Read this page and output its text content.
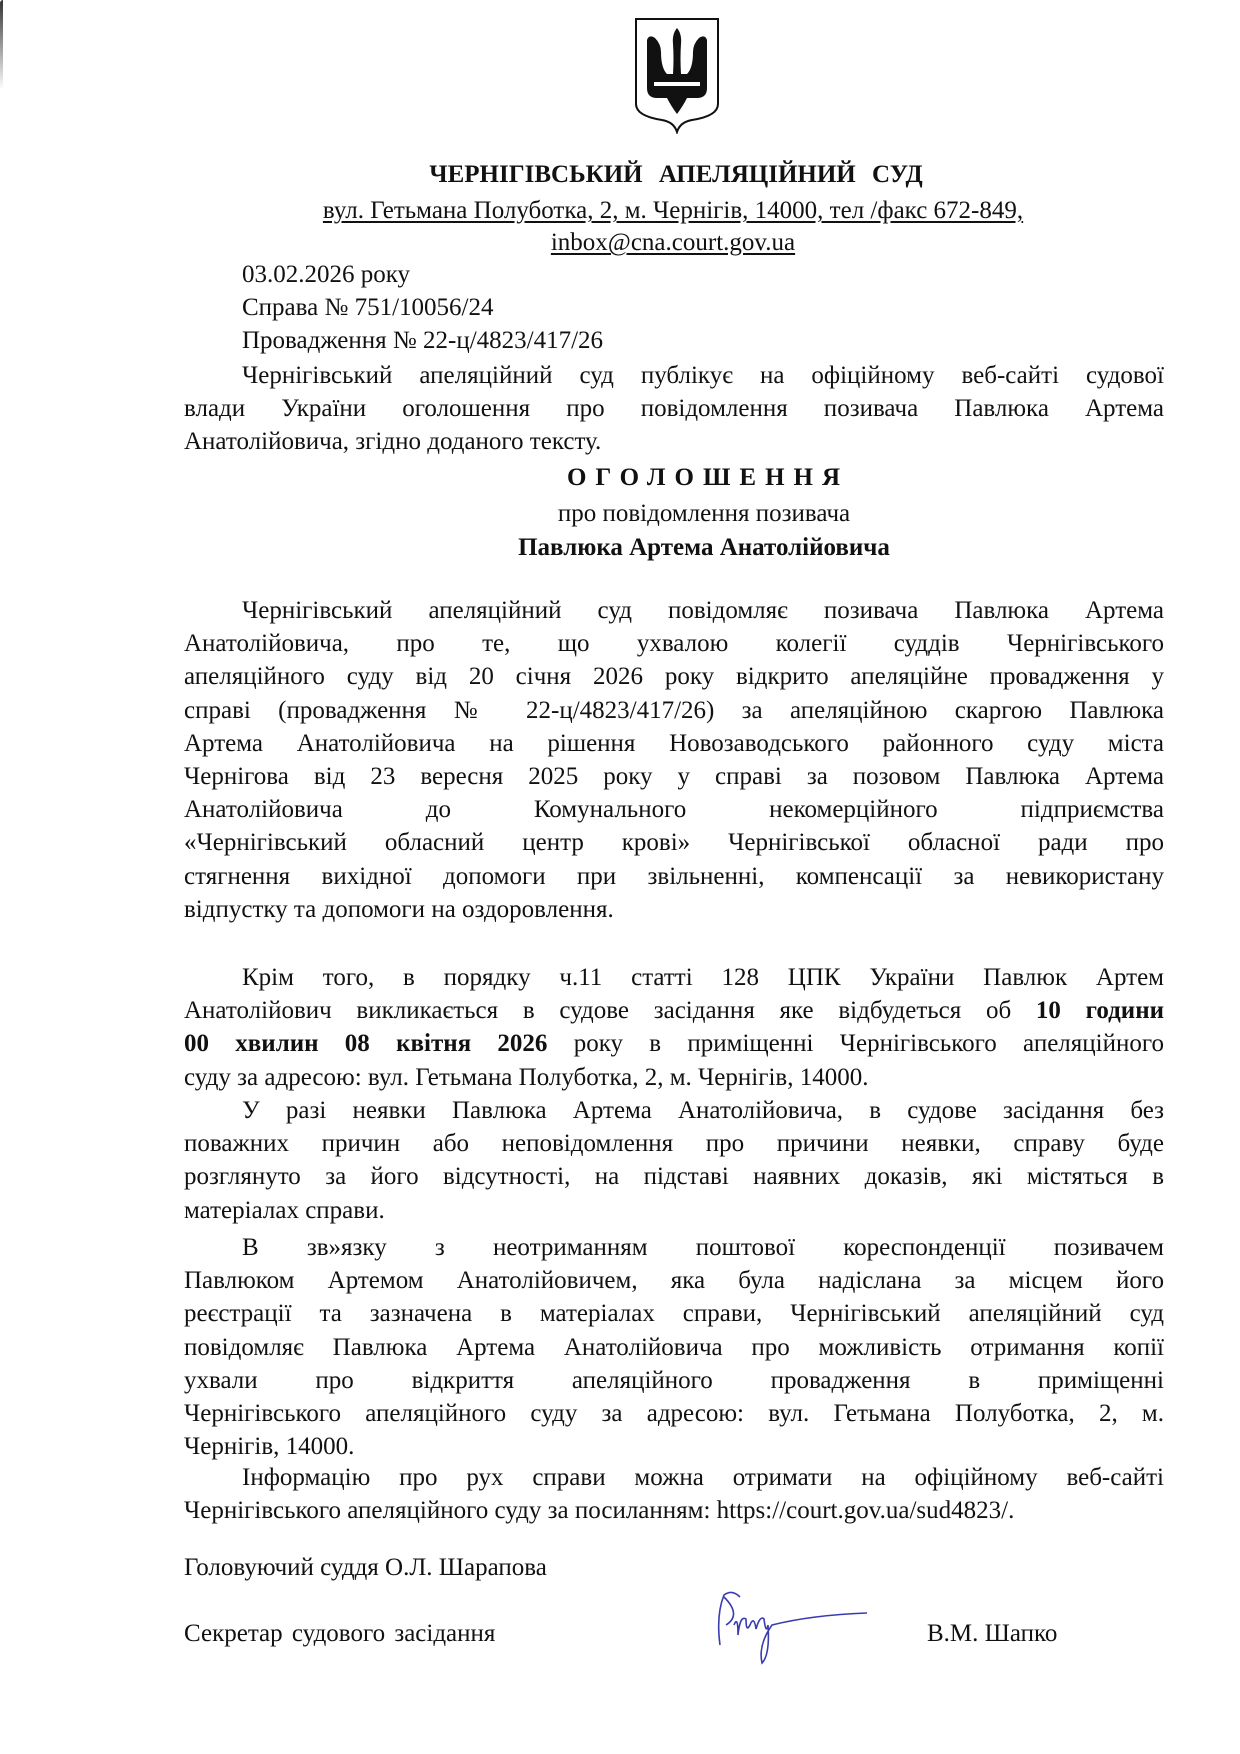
ЧЕРНІГІВСЬКИЙ АПЕЛЯЦІЙНИЙ СУД
вул. Гетьмана Полуботка, 2, м. Чернігів, 14000, тел /факс 672-849,
inbox@cna.court.gov.ua
03.02.2026 року
Справа № 751/10056/24
Провадження № 22-ц/4823/417/26
Чернігівський апеляційний суд публікує на офіційному веб-сайті судової
влади України оголошення про повідомлення позивача Павлюка Артема
Анатолійовича, згідно доданого тексту.
ОГОЛОШЕННЯ
про повідомлення позивача
Павлюка Артема Анатолійовича
Чернігівський апеляційний суд повідомляє позивача Павлюка Артема
Анатолійовича, про те, що ухвалою колегії суддів Чернігівського
апеляційного суду від 20 січня 2026 року відкрито апеляційне провадження у
справі (провадження № 22-ц/4823/417/26) за апеляційною скаргою Павлюка
Артема Анатолійовича на рішення Новозаводського районного суду міста
Чернігова від 23 вересня 2025 року у справі за позовом Павлюка Артема
Анатолійовича до Комунального некомерційного підприємства
«Чернігівський обласний центр крові» Чернігівської обласної ради про
стягнення вихідної допомоги при звільненні, компенсації за невикористану
відпустку та допомоги на оздоровлення.
Крім того, в порядку ч.11 статті 128 ЦПК України Павлюк Артем
Анатолійович викликається в судове засідання яке відбудеться об 10 години
00 хвилин 08 квітня 2026 року в приміщенні Чернігівського апеляційного
суду за адресою: вул. Гетьмана Полуботка, 2, м. Чернігів, 14000.
У разі неявки Павлюка Артема Анатолійовича, в судове засідання без
поважних причин або неповідомлення про причини неявки, справу буде
розглянуто за його відсутності, на підставі наявних доказів, які містяться в
матеріалах справи.
В зв»язку з неотриманням поштової кореспонденції позивачем
Павлюком Артемом Анатолійовичем, яка була надіслана за місцем його
реєстрації та зазначена в матеріалах справи, Чернігівський апеляційний суд
повідомляє Павлюка Артема Анатолійовича про можливість отримання копії
ухвали про відкриття апеляційного провадження в приміщенні
Чернігівського апеляційного суду за адресою: вул. Гетьмана Полуботка, 2, м.
Чернігів, 14000.
Інформацію про рух справи можна отримати на офіційному веб-сайті
Чернігівського апеляційного суду за посиланням: https://court.gov.ua/sud4823/.
Головуючий суддя О.Л. Шарапова
Секретар судового засідання	В.М. Шапко
